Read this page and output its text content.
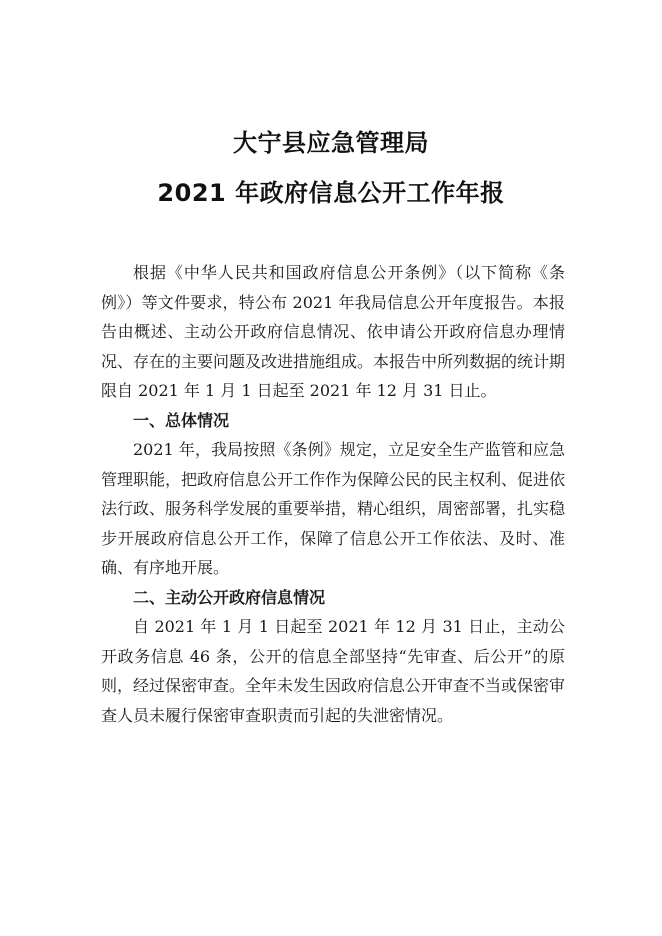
大宁县应急管理局
2021 年政府信息公开工作年报

根据《中华人民共和国政府信息公开条例》（以下简称《条例》）等文件要求，特公布 2021 年我局信息公开年度报告。本报告由概述、主动公开政府信息情况、依申请公开政府信息办理情况、存在的主要问题及改进措施组成。本报告中所列数据的统计期限自 2021 年 1 月 1 日起至 2021 年 12 月 31 日止。

一、总体情况

2021 年，我局按照《条例》规定，立足安全生产监管和应急管理职能，把政府信息公开工作作为保障公民的民主权利、促进依法行政、服务科学发展的重要举措，精心组织，周密部署，扎实稳步开展政府信息公开工作，保障了信息公开工作依法、及时、准确、有序地开展。

二、主动公开政府信息情况

自 2021 年 1 月 1 日起至 2021 年 12 月 31 日止，主动公开政务信息 46 条，公开的信息全部坚持“先审查、后公开”的原则，经过保密审查。全年未发生因政府信息公开审查不当或保密审查人员未履行保密审查职责而引起的失泄密情况。
